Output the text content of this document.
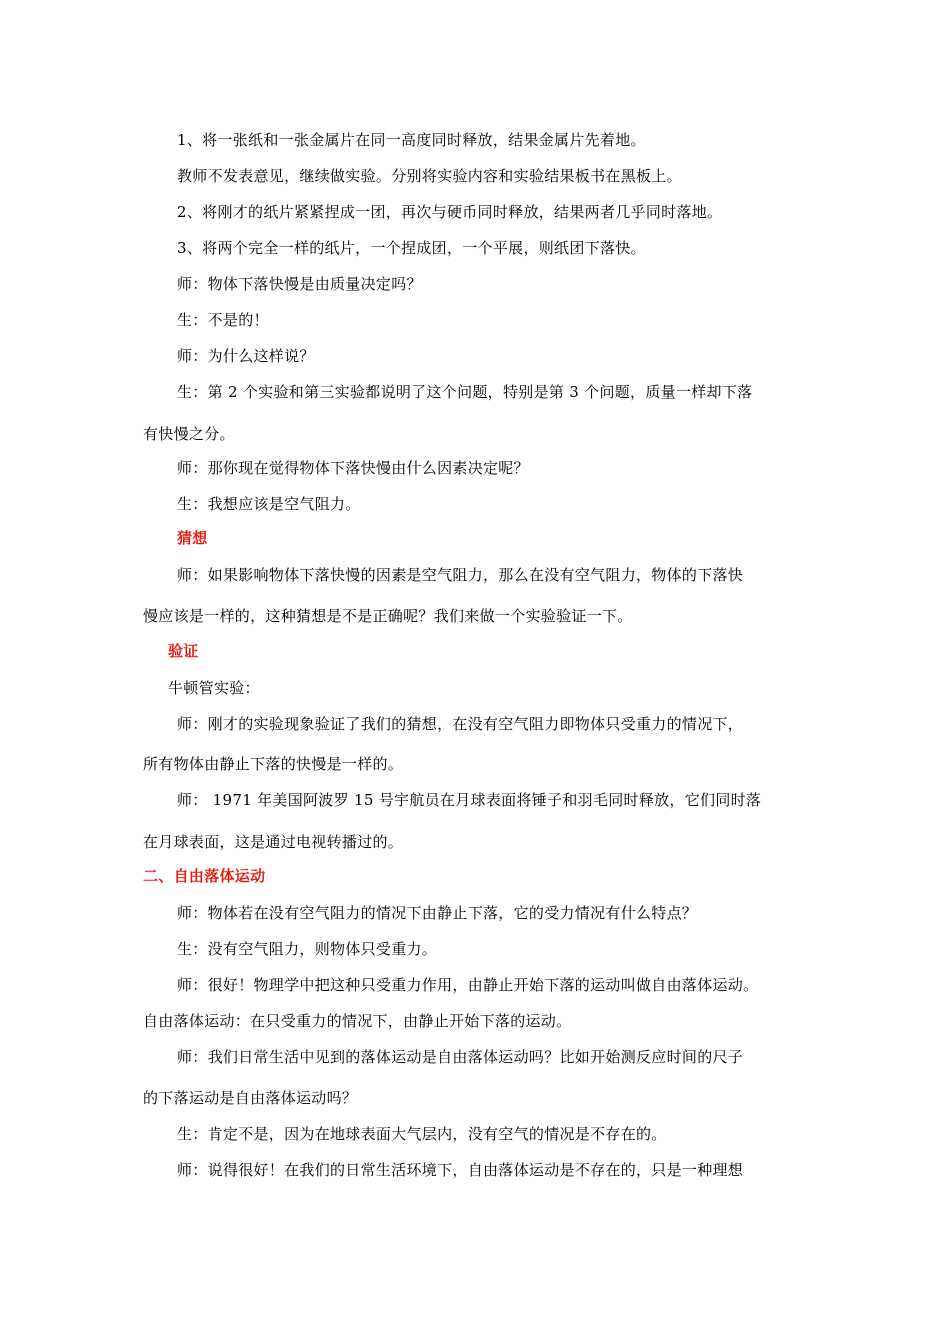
1、将一张纸和一张金属片在同一高度同时释放，结果金属片先着地。
教师不发表意见，继续做实验。分别将实验内容和实验结果板书在黑板上。
2、将刚才的纸片紧紧捏成一团，再次与硬币同时释放，结果两者几乎同时落地。
3、将两个完全一样的纸片，一个捏成团，一个平展，则纸团下落快。
师：物体下落快慢是由质量决定吗？
生：不是的！
师：为什么这样说？
生：第 2 个实验和第三实验都说明了这个问题，特别是第 3 个问题，质量一样却下落
有快慢之分。
师：那你现在觉得物体下落快慢由什么因素决定呢？
生：我想应该是空气阻力。
猜想
师：如果影响物体下落快慢的因素是空气阻力，那么在没有空气阻力，物体的下落快
慢应该是一样的，这种猜想是不是正确呢？我们来做一个实验验证一下。
验证
牛顿管实验：
师：刚才的实验现象验证了我们的猜想，在没有空气阻力即物体只受重力的情况下，
所有物体由静止下落的快慢是一样的。
师： 1971 年美国阿波罗 15 号宇航员在月球表面将锤子和羽毛同时释放，它们同时落
在月球表面，这是通过电视转播过的。
二、自由落体运动
师：物体若在没有空气阻力的情况下由静止下落，它的受力情况有什么特点？
生：没有空气阻力，则物体只受重力。
师：很好！物理学中把这种只受重力作用，由静止开始下落的运动叫做自由落体运动。
自由落体运动：在只受重力的情况下，由静止开始下落的运动。
师：我们日常生活中见到的落体运动是自由落体运动吗？比如开始测反应时间的尺子
的下落运动是自由落体运动吗？
生：肯定不是，因为在地球表面大气层内，没有空气的情况是不存在的。
师：说得很好！在我们的日常生活环境下，自由落体运动是不存在的，只是一种理想
